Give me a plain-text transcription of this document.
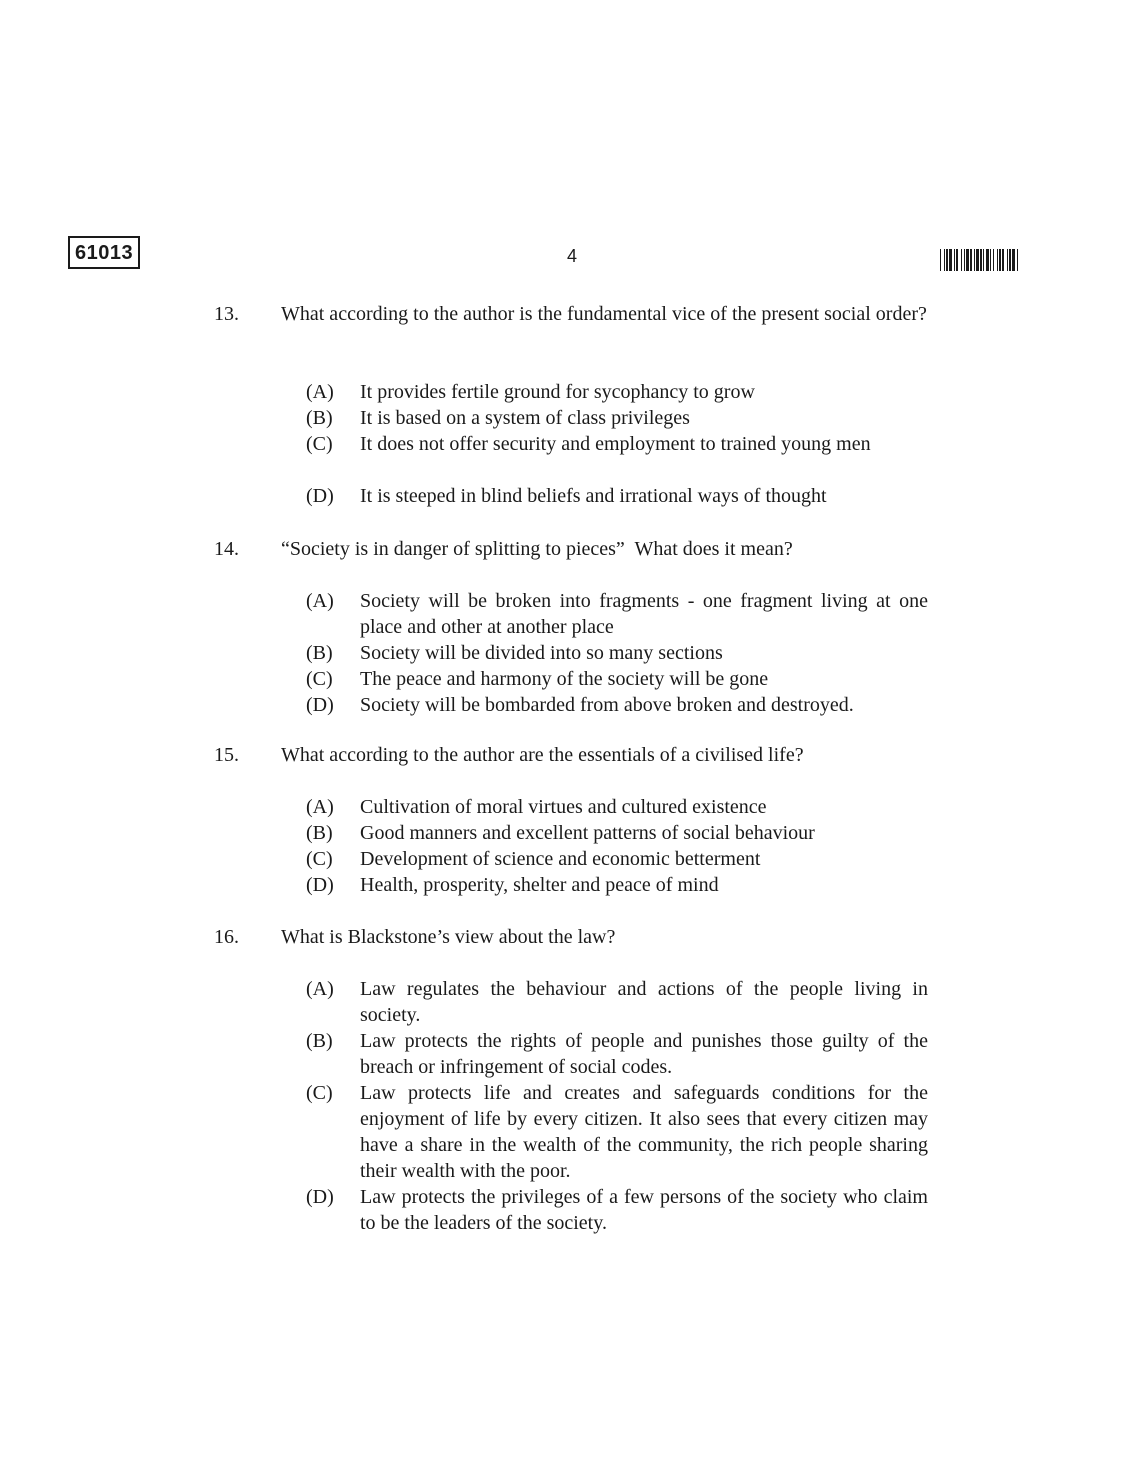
61013	4
13. What according to the author is the fundamental vice of the present social order?
(A) It provides fertile ground for sycophancy to grow
(B) It is based on a system of class privileges
(C) It does not offer security and employment to trained young men
(D) It is steeped in blind beliefs and irrational ways of thought
14. “Society is in danger of splitting to pieces”  What does it mean?
(A) Society will be broken into fragments - one fragment living at one place and other at another place
(B) Society will be divided into so many sections
(C) The peace and harmony of the society will be gone
(D) Society will be bombarded from above broken and destroyed.
15. What according to the author are the essentials of a civilised life?
(A) Cultivation of moral virtues and cultured existence
(B) Good manners and excellent patterns of social behaviour
(C) Development of science and economic betterment
(D) Health, prosperity, shelter and peace of mind
16. What is Blackstone’s view about the law?
(A) Law regulates the behaviour and actions of the people living in society.
(B) Law protects the rights of people and punishes those guilty of the breach or infringement of social codes.
(C) Law protects life and creates and safeguards conditions for the enjoyment of life by every citizen. It also sees that every citizen may have a share in the wealth of the community, the rich people sharing their wealth with the poor.
(D) Law protects the privileges of a few persons of the society who claim to be the leaders of the society.
